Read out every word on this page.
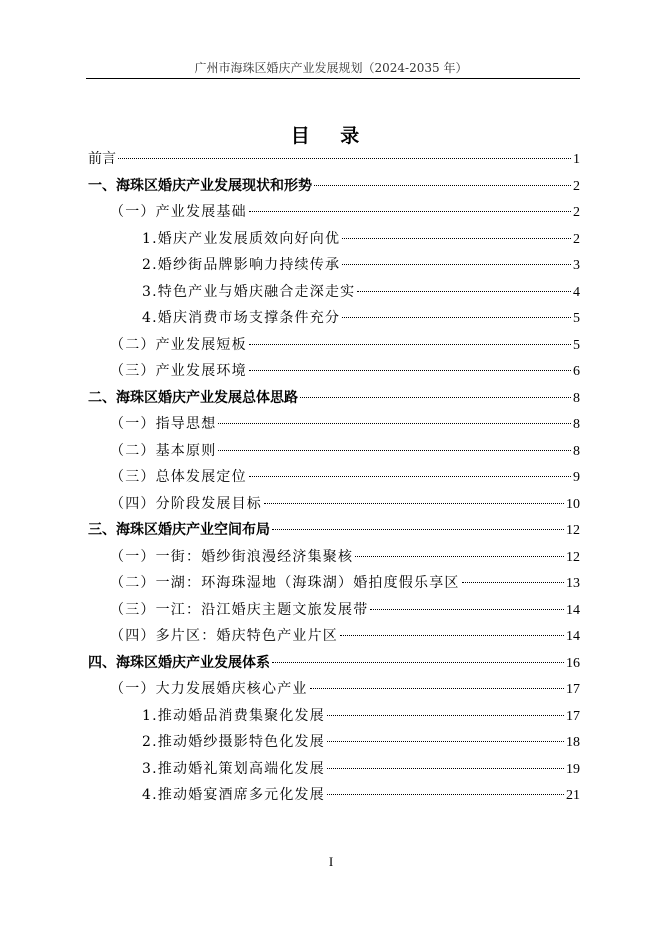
广州市海珠区婚庆产业发展规划（2024-2035 年）
目 录
前言	1
一、海珠区婚庆产业发展现状和形势	2
（一）产业发展基础	2
1.婚庆产业发展质效向好向优	2
2.婚纱街品牌影响力持续传承	3
3.特色产业与婚庆融合走深走实	4
4.婚庆消费市场支撑条件充分	5
（二）产业发展短板	5
（三）产业发展环境	6
二、海珠区婚庆产业发展总体思路	8
（一）指导思想	8
（二）基本原则	8
（三）总体发展定位	9
（四）分阶段发展目标	10
三、海珠区婚庆产业空间布局	12
（一）一街：婚纱街浪漫经济集聚核	12
（二）一湖：环海珠湿地（海珠湖）婚拍度假乐享区	13
（三）一江：沿江婚庆主题文旅发展带	14
（四）多片区：婚庆特色产业片区	14
四、海珠区婚庆产业发展体系	16
（一）大力发展婚庆核心产业	17
1.推动婚品消费集聚化发展	17
2.推动婚纱摄影特色化发展	18
3.推动婚礼策划高端化发展	19
4.推动婚宴酒席多元化发展	21
I
